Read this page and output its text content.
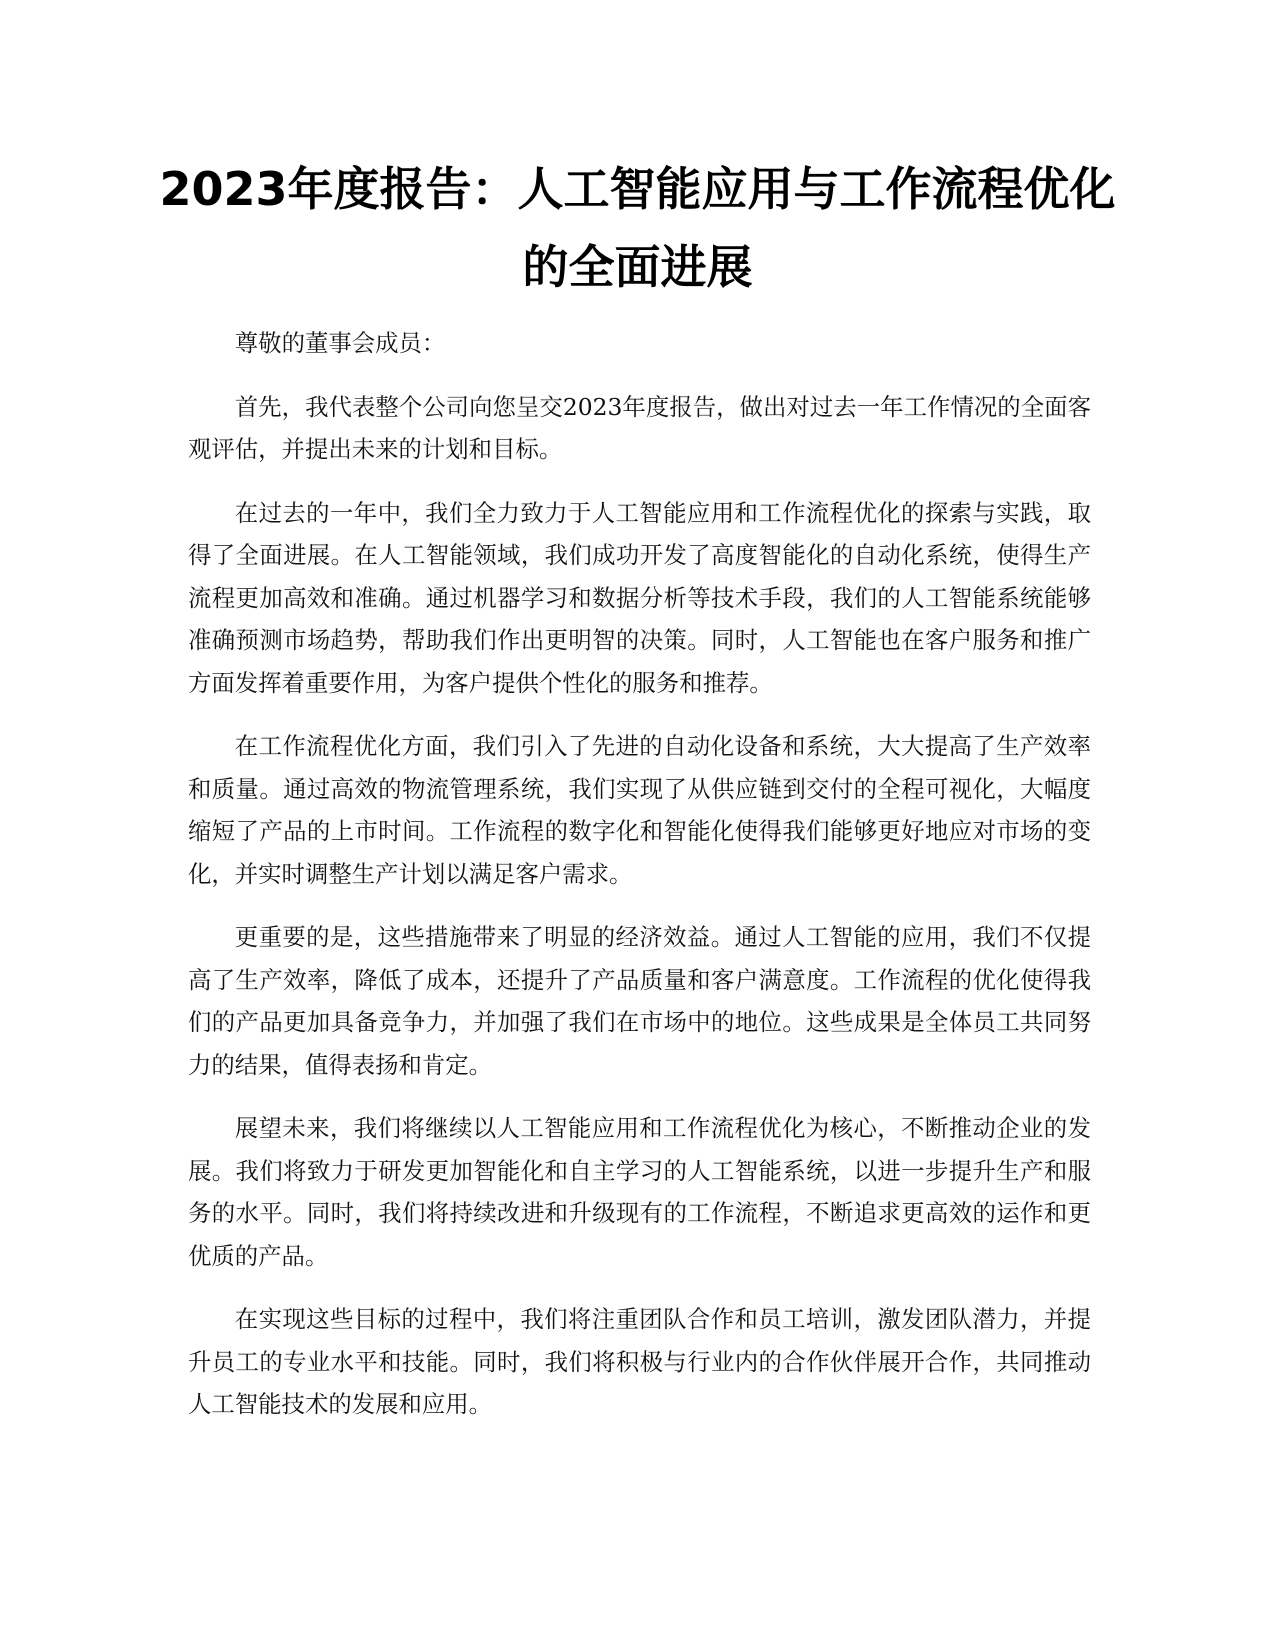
2023年度报告：人工智能应用与工作流程优化的全面进展

尊敬的董事会成员：

首先，我代表整个公司向您呈交2023年度报告，做出对过去一年工作情况的全面客观评估，并提出未来的计划和目标。

在过去的一年中，我们全力致力于人工智能应用和工作流程优化的探索与实践，取得了全面进展。在人工智能领域，我们成功开发了高度智能化的自动化系统，使得生产流程更加高效和准确。通过机器学习和数据分析等技术手段，我们的人工智能系统能够准确预测市场趋势，帮助我们作出更明智的决策。同时，人工智能也在客户服务和推广方面发挥着重要作用，为客户提供个性化的服务和推荐。

在工作流程优化方面，我们引入了先进的自动化设备和系统，大大提高了生产效率和质量。通过高效的物流管理系统，我们实现了从供应链到交付的全程可视化，大幅度缩短了产品的上市时间。工作流程的数字化和智能化使得我们能够更好地应对市场的变化，并实时调整生产计划以满足客户需求。

更重要的是，这些措施带来了明显的经济效益。通过人工智能的应用，我们不仅提高了生产效率，降低了成本，还提升了产品质量和客户满意度。工作流程的优化使得我们的产品更加具备竞争力，并加强了我们在市场中的地位。这些成果是全体员工共同努力的结果，值得表扬和肯定。

展望未来，我们将继续以人工智能应用和工作流程优化为核心，不断推动企业的发展。我们将致力于研发更加智能化和自主学习的人工智能系统，以进一步提升生产和服务的水平。同时，我们将持续改进和升级现有的工作流程，不断追求更高效的运作和更优质的产品。

在实现这些目标的过程中，我们将注重团队合作和员工培训，激发团队潜力，并提升员工的专业水平和技能。同时，我们将积极与行业内的合作伙伴展开合作，共同推动人工智能技术的发展和应用。
